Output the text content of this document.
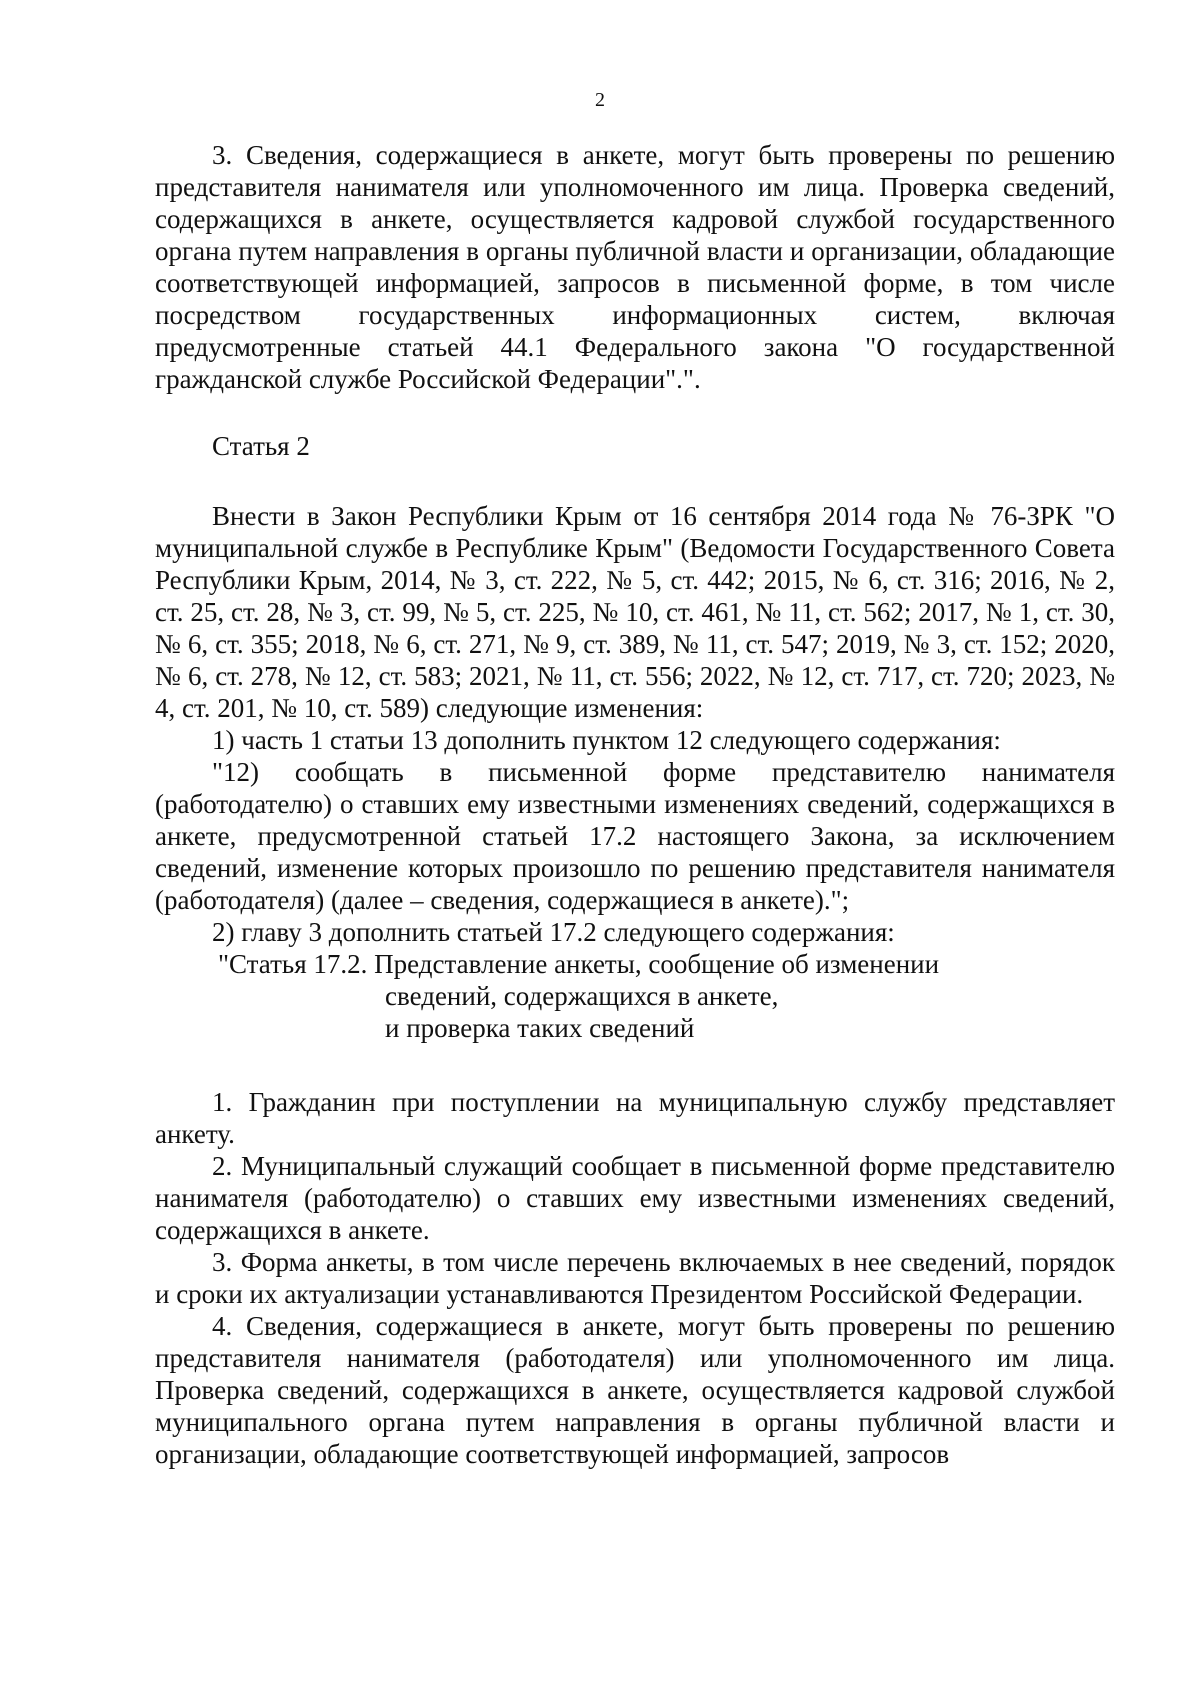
2

3. Сведения, содержащиеся в анкете, могут быть проверены по решению представителя нанимателя или уполномоченного им лица. Проверка сведений, содержащихся в анкете, осуществляется кадровой службой государственного органа путем направления в органы публичной власти и организации, обладающие соответствующей информацией, запросов в письменной форме, в том числе посредством государственных информационных систем, включая предусмотренные статьей 44.1 Федерального закона "О государственной гражданской службе Российской Федерации".".

Статья 2

Внести в Закон Республики Крым от 16 сентября 2014 года № 76-ЗРК "О муниципальной службе в Республике Крым" (Ведомости Государственного Совета Республики Крым, 2014, № 3, ст. 222, № 5, ст. 442; 2015, № 6, ст. 316; 2016, № 2, ст. 25, ст. 28, № 3, ст. 99, № 5, ст. 225, № 10, ст. 461, № 11, ст. 562; 2017, № 1, ст. 30, № 6, ст. 355; 2018, № 6, ст. 271, № 9, ст. 389, № 11, ст. 547; 2019, № 3, ст. 152; 2020, № 6, ст. 278, № 12, ст. 583; 2021, № 11, ст. 556; 2022, № 12, ст. 717, ст. 720; 2023, № 4, ст. 201, № 10, ст. 589) следующие изменения:

1) часть 1 статьи 13 дополнить пунктом 12 следующего содержания:

"12) сообщать в письменной форме представителю нанимателя (работодателю) о ставших ему известными изменениях сведений, содержащихся в анкете, предусмотренной статьей 17.2 настоящего Закона, за исключением сведений, изменение которых произошло по решению представителя нанимателя (работодателя) (далее – сведения, содержащиеся в анкете).";

2) главу 3 дополнить статьей 17.2 следующего содержания:

"Статья 17.2. Представление анкеты, сообщение об изменении
сведений, содержащихся в анкете,
и проверка таких сведений

1. Гражданин при поступлении на муниципальную службу представляет анкету.

2. Муниципальный служащий сообщает в письменной форме представителю нанимателя (работодателю) о ставших ему известными изменениях сведений, содержащихся в анкете.

3. Форма анкеты, в том числе перечень включаемых в нее сведений, порядок и сроки их актуализации устанавливаются Президентом Российской Федерации.

4. Сведения, содержащиеся в анкете, могут быть проверены по решению представителя нанимателя (работодателя) или уполномоченного им лица. Проверка сведений, содержащихся в анкете, осуществляется кадровой службой муниципального органа путем направления в органы публичной власти и организации, обладающие соответствующей информацией, запросов
